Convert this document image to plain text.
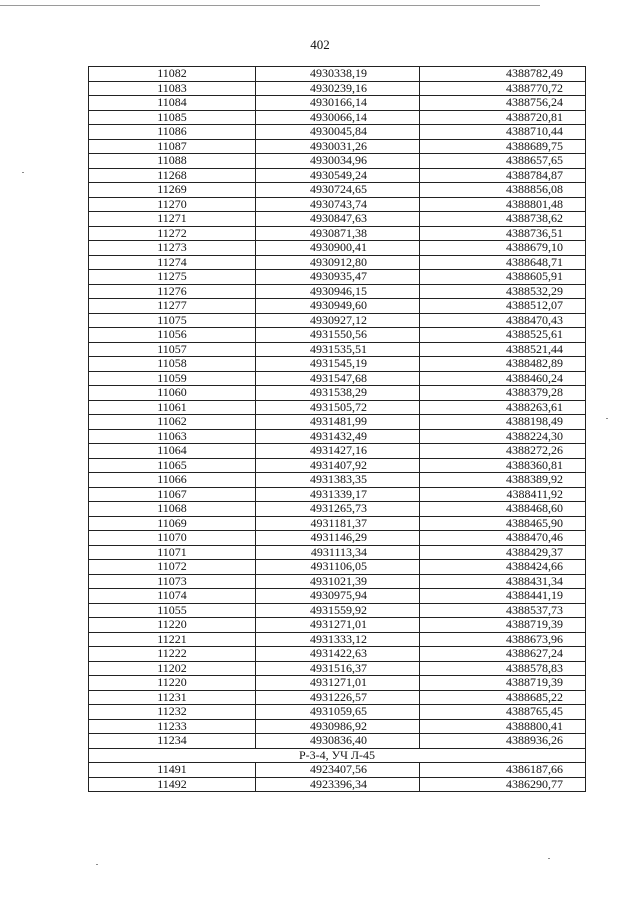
402
11082	4930338,19	4388782,49
11083	4930239,16	4388770,72
11084	4930166,14	4388756,24
11085	4930066,14	4388720,81
11086	4930045,84	4388710,44
11087	4930031,26	4388689,75
11088	4930034,96	4388657,65
11268	4930549,24	4388784,87
11269	4930724,65	4388856,08
11270	4930743,74	4388801,48
11271	4930847,63	4388738,62
11272	4930871,38	4388736,51
11273	4930900,41	4388679,10
11274	4930912,80	4388648,71
11275	4930935,47	4388605,91
11276	4930946,15	4388532,29
11277	4930949,60	4388512,07
11075	4930927,12	4388470,43
11056	4931550,56	4388525,61
11057	4931535,51	4388521,44
11058	4931545,19	4388482,89
11059	4931547,68	4388460,24
11060	4931538,29	4388379,28
11061	4931505,72	4388263,61
11062	4931481,99	4388198,49
11063	4931432,49	4388224,30
11064	4931427,16	4388272,26
11065	4931407,92	4388360,81
11066	4931383,35	4388389,92
11067	4931339,17	4388411,92
11068	4931265,73	4388468,60
11069	4931181,37	4388465,90
11070	4931146,29	4388470,46
11071	4931113,34	4388429,37
11072	4931106,05	4388424,66
11073	4931021,39	4388431,34
11074	4930975,94	4388441,19
11055	4931559,92	4388537,73
11220	4931271,01	4388719,39
11221	4931333,12	4388673,96
11222	4931422,63	4388627,24
11202	4931516,37	4388578,83
11220	4931271,01	4388719,39
11231	4931226,57	4388685,22
11232	4931059,65	4388765,45
11233	4930986,92	4388800,41
11234	4930836,40	4388936,26
Р-3-4, УЧ Л-45		
11491	4923407,56	4386187,66
11492	4923396,34	4386290,77
